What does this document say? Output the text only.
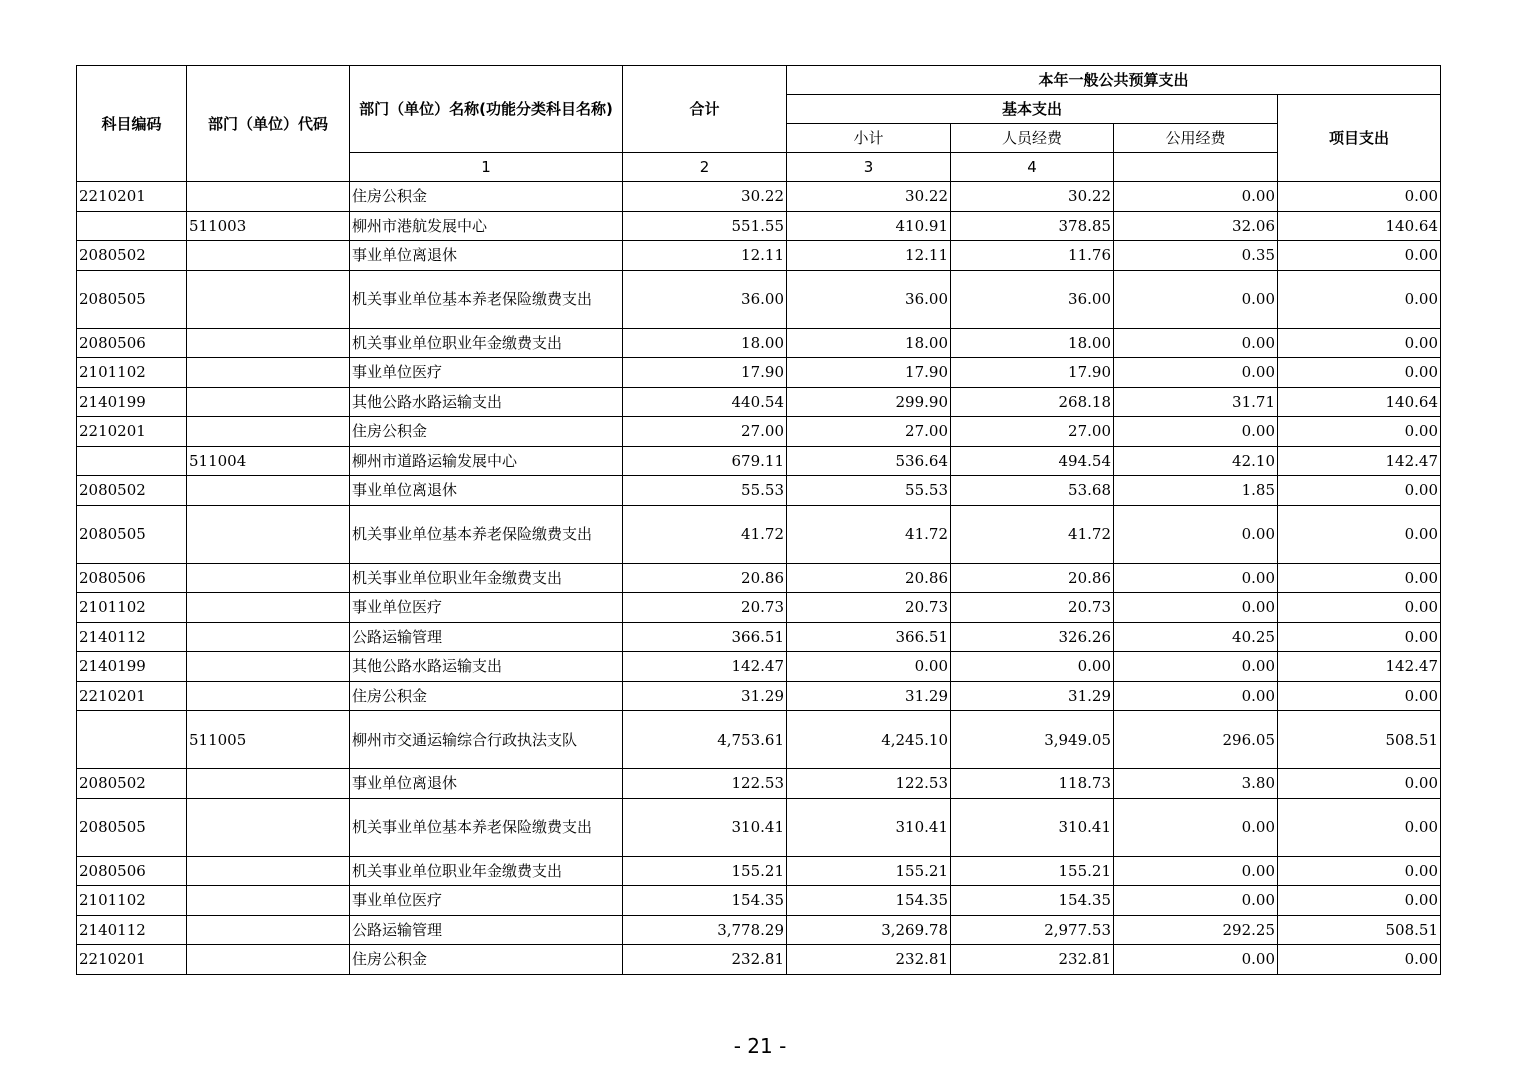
科目编码	部门（单位）代码	部门（单位）名称(功能分类科目名称)	合计	本年一般公共预算支出			
				基本支出			项目支出
				小计	人员经费	公用经费	
		1	2	3	4		
2210201		住房公积金	30.22	30.22	30.22	0.00	0.00
	511003	柳州市港航发展中心	551.55	410.91	378.85	32.06	140.64
2080502		事业单位离退休	12.11	12.11	11.76	0.35	0.00
2080505		机关事业单位基本养老保险缴费支出	36.00	36.00	36.00	0.00	0.00
2080506		机关事业单位职业年金缴费支出	18.00	18.00	18.00	0.00	0.00
2101102		事业单位医疗	17.90	17.90	17.90	0.00	0.00
2140199		其他公路水路运输支出	440.54	299.90	268.18	31.71	140.64
2210201		住房公积金	27.00	27.00	27.00	0.00	0.00
	511004	柳州市道路运输发展中心	679.11	536.64	494.54	42.10	142.47
2080502		事业单位离退休	55.53	55.53	53.68	1.85	0.00
2080505		机关事业单位基本养老保险缴费支出	41.72	41.72	41.72	0.00	0.00
2080506		机关事业单位职业年金缴费支出	20.86	20.86	20.86	0.00	0.00
2101102		事业单位医疗	20.73	20.73	20.73	0.00	0.00
2140112		公路运输管理	366.51	366.51	326.26	40.25	0.00
2140199		其他公路水路运输支出	142.47	0.00	0.00	0.00	142.47
2210201		住房公积金	31.29	31.29	31.29	0.00	0.00
	511005	柳州市交通运输综合行政执法支队	4,753.61	4,245.10	3,949.05	296.05	508.51
2080502		事业单位离退休	122.53	122.53	118.73	3.80	0.00
2080505		机关事业单位基本养老保险缴费支出	310.41	310.41	310.41	0.00	0.00
2080506		机关事业单位职业年金缴费支出	155.21	155.21	155.21	0.00	0.00
2101102		事业单位医疗	154.35	154.35	154.35	0.00	0.00
2140112		公路运输管理	3,778.29	3,269.78	2,977.53	292.25	508.51
2210201		住房公积金	232.81	232.81	232.81	0.00	0.00
- 21 -
